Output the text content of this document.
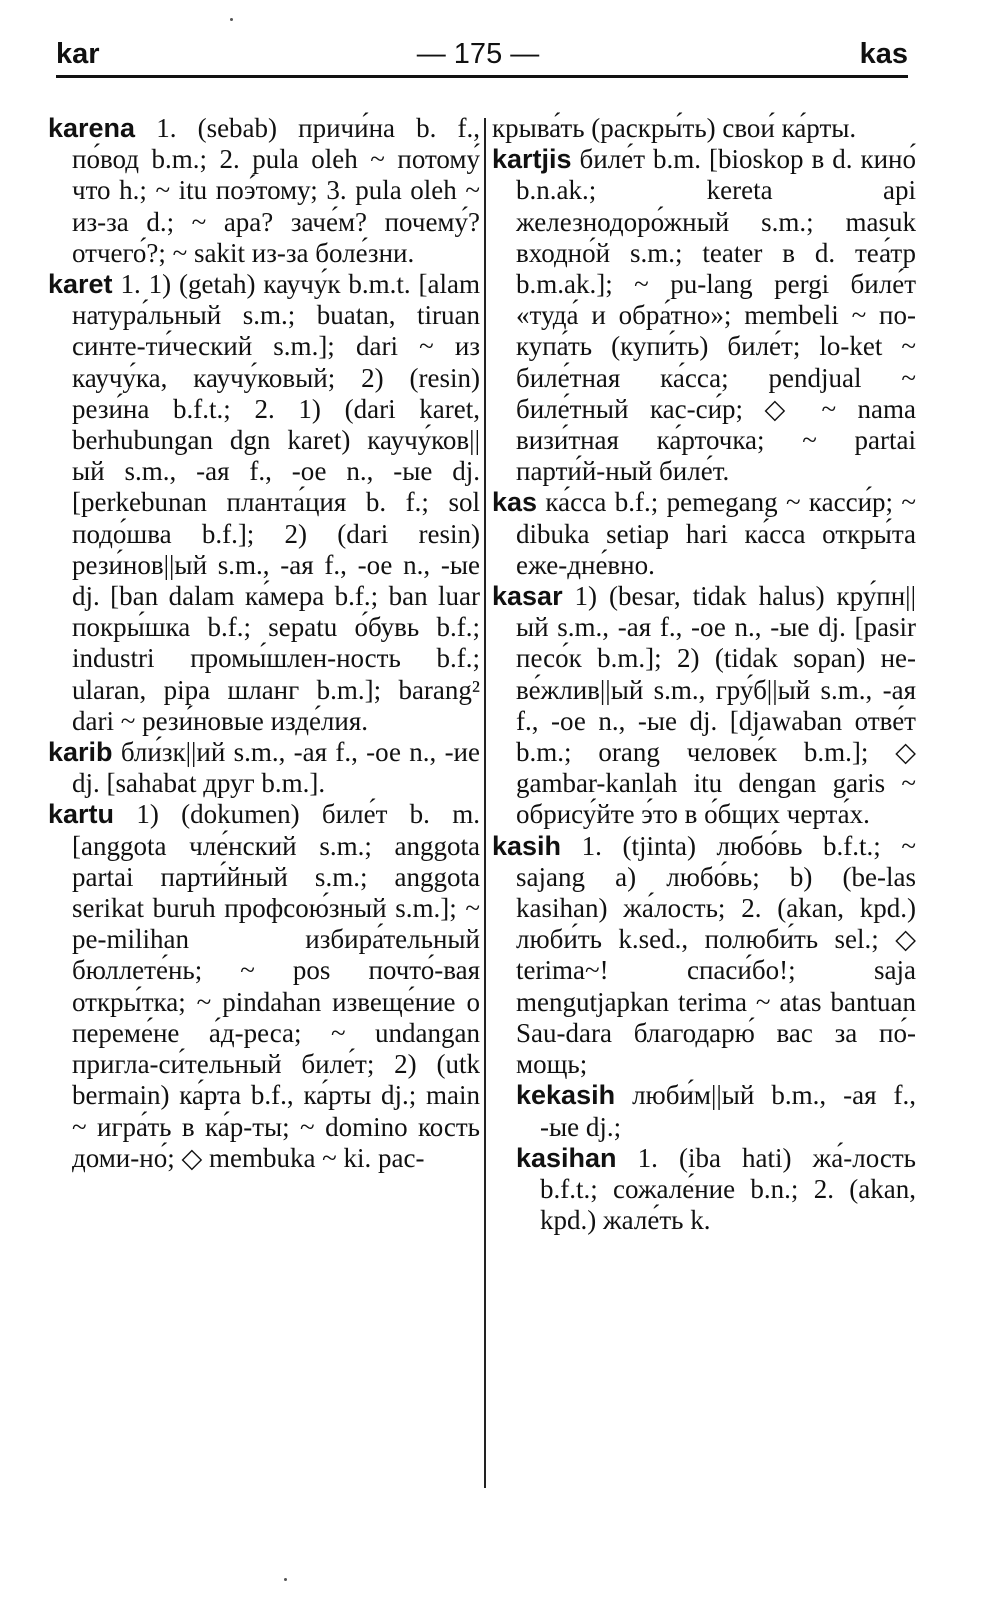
kar	— 175 —	kas
karena 1. (sebab) причи́на b. f., по́вод b.m.; 2. pula oleh ~ потому́ что h.; ~ itu поэ́тому; 3. pula oleh ~ из-за d.; ~ apa? заче́м? почему́? отчего́?; ~ sakit из-за боле́зни.
karet 1. 1) (getah) каучу́к b.m.t. [alam натура́льный s.m.; buatan, tiruan синте-ти́ческий s.m.]; dari ~ из каучу́ка, каучу́ковый; 2) (resin) рези́на b.f.t.; 2. 1) (dari karet, berhubungan dgn karet) каучу́ков||ый s.m., -ая f., -ое n., -ые dj. [perkebunan планта́ция b. f.; sol подо́шва b.f.]; 2) (dari resin) рези́нов||ый s.m., -ая f., -ое n., -ые dj. [ban dalam ка́мера b.f.; ban luar покры́шка b.f.; sepatu о́бувь b.f.; industri промы́шлен-ность b.f.; ularan, pipa шланг b.m.]; barang² dari ~ рези́новые изде́лия.
karib бли́зк||ий s.m., -ая f., -ое n., -ие dj. [sahabat друг b.m.].
kartu 1) (dokumen) биле́т b. m. [anggota чле́нский s.m.; anggota partai парти́йный s.m.; anggota serikat buruh профсою́зный s.m.]; ~ pe-milihan избира́тельный бюллете́нь; ~ pos почто́-вая откры́тка; ~ pindahan извеще́ние о переме́не а́д-реса; ~ undangan пригла-си́тельный биле́т; 2) (utk bermain) ка́рта b.f., ка́рты dj.; main ~ игра́ть в ка́р-ты; ~ domino кость доми-но́; ◇ membuka ~ ki. рас-
крыва́ть (раскры́ть) свои́ ка́рты.
kartjis биле́т b.m. [bioskop в d. кино́ b.n.ak.; kereta api железнодоро́жный s.m.; masuk входно́й s.m.; teater в d. теа́тр b.m.ak.]; ~ pu-lang pergi биле́т «туда́ и обра́тно»; membeli ~ по-купа́ть (купи́ть) биле́т; lo-ket ~ биле́тная ка́сса; pendjual ~ биле́тный кас-си́р; ◇ ~ nama визи́тная ка́рточка; ~ partai парти́й-ный биле́т.
kas ка́сса b.f.; pemegang ~ касси́р; ~ dibuka setiap hari ка́сса откры́та еже-дне́вно.
kasar 1) (besar, tidak halus) кру́пн||ый s.m., -ая f., -ое n., -ые dj. [pasir песо́к b.m.]; 2) (tidak sopan) не-ве́жлив||ый s.m., гру́б||ый s.m., -ая f., -ое n., -ые dj. [djawaban отве́т b.m.; orang челове́к b.m.]; ◇ gambar-kanlah itu dengan garis ~ обрису́йте э́то в о́бщих черта́х.
kasih 1. (tjinta) любо́вь b.f.t.; ~ sajang a) любо́вь; b) (be-las kasihan) жа́лость; 2. (akan, kpd.) люби́ть k.sed., полюби́ть sel.; ◇ terima~! спаси́бо!; saja mengutjapkan terima ~ atas bantuan Sau-dara благодарю́ вас за по́-мощь;
kekasih люби́м||ый b.m., -ая f., -ые dj.;
kasihan 1. (iba hati) жа́-лость b.f.t.; сожале́ние b.n.; 2. (akan, kpd.) жале́ть k.
